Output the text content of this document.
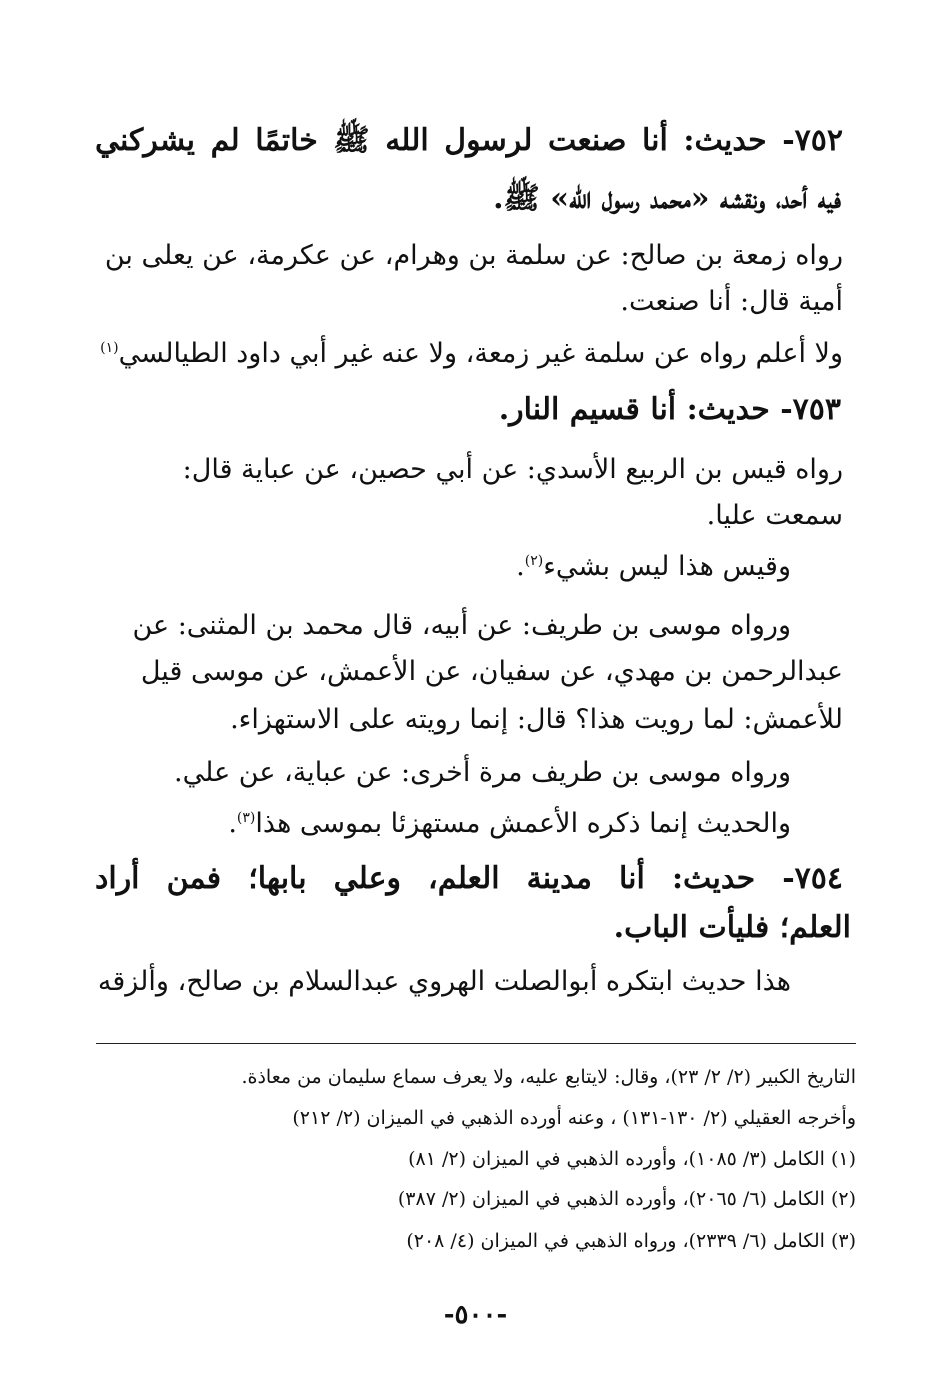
٧٥٢- حديث: أنا صنعت لرسول الله ﷺ خاتمًا لم يشركني
فيه أحد، ونقشه «محمد رسول الله» ﷺ.
رواه زمعة بن صالح: عن سلمة بن وهرام، عن عكرمة، عن يعلى بن
أمية قال: أنا صنعت.
ولا أعلم رواه عن سلمة غير زمعة، ولا عنه غير أبي داود الطيالسي$^{(١)}$
٧٥٣- حديث: أنا قسيم النار.
رواه قيس بن الربيع الأسدي: عن أبي حصين، عن عباية قال:
سمعت عليا.
وقيس هذا ليس بشيء$^{(٢)}$.
ورواه موسى بن طريف: عن أبيه، قال محمد بن المثنى: عن
عبدالرحمن بن مهدي، عن سفيان، عن الأعمش، عن موسى قيل
للأعمش: لما رويت هذا؟ قال: إنما رويته على الاستهزاء.
ورواه موسى بن طريف مرة أخرى: عن عباية، عن علي.
والحديث إنما ذكره الأعمش مستهزئا بموسى هذا$^{(٣)}$.
٧٥٤- حديث: أنا مدينة العلم، وعلي بابها؛ فمن أراد
العلم؛ فليأت الباب.
هذا حديث ابتكره أبوالصلت الهروي عبدالسلام بن صالح، وألزقه
التاريخ الكبير (٢/ ٢/ ٢٣)، وقال: لايتابع عليه، ولا يعرف سماع سليمان من معاذة.
وأخرجه العقيلي (٢/ ١٣٠-١٣١) ، وعنه أورده الذهبي في الميزان (٢/ ٢١٢)
(١) الكامل (٣/ ١٠٨٥)، وأورده الذهبي في الميزان (٢/ ٨١)
(٢) الكامل (٦/ ٢٠٦٥)، وأورده الذهبي في الميزان (٢/ ٣٨٧)
(٣) الكامل (٦/ ٢٣٣٩)، ورواه الذهبي في الميزان (٤/ ٢٠٨)
-٥٠٠-
